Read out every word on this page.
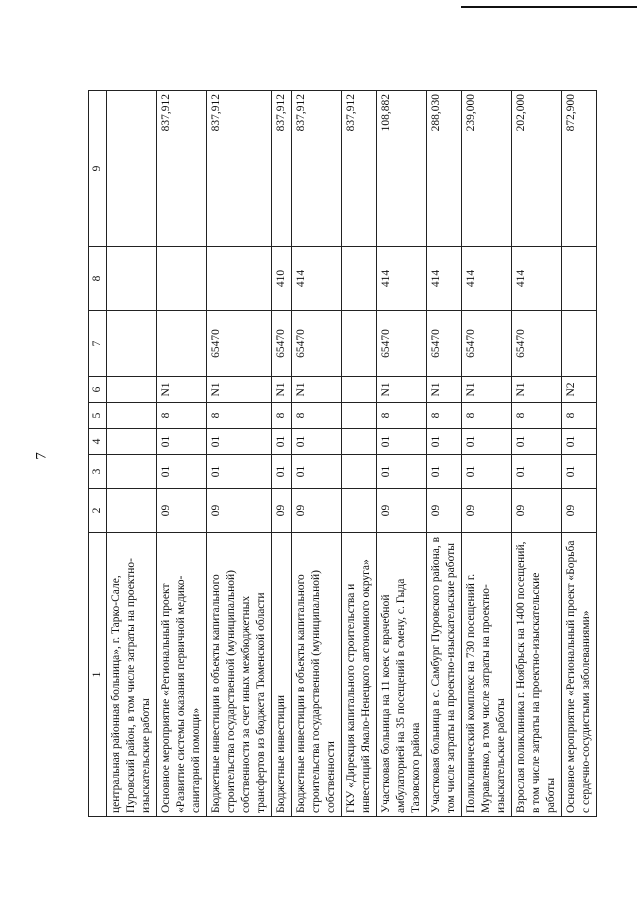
7
1	2	3	4	5	6	7	8	9
центральная районная больница», г. Тарко-Сале, Пуровский район, в том числе затраты на проектно-изыскательские работы								
Основное мероприятие «Региональный проект «Развитие системы оказания первичной медико-санитарной помощи»	09	01	01	8	N1			837,912
Бюджетные инвестиции в объекты капитального строительства государственной (муниципальной) собственности за счет иных межбюджетных трансфертов из бюджета Тюменской области	09	01	01	8	N1	65470		837,912
Бюджетные инвестиции	09	01	01	8	N1	65470	410	837,912
Бюджетные инвестиции в объекты капитального строительства государственной (муниципальной) собственности	09	01	01	8	N1	65470	414	837,912
ГКУ «Дирекция капитального строительства и инвестиций Ямало-Ненецкого автономного округа»								837,912
Участковая больница на 11 коек с врачебной амбулаторией на 35 посещений в смену, с. Гыда Тазовского района	09	01	01	8	N1	65470	414	108,882
Участковая больница в с. Самбург Пуровского района, в том числе затраты на проектно-изыскательские работы	09	01	01	8	N1	65470	414	288,030
Поликлинический комплекс на 730 посещений г. Муравленко, в том числе затраты на проектно-изыскательские работы	09	01	01	8	N1	65470	414	239,000
Взрослая поликлиника г. Ноябрьск на 1400 посещений, в том числе затраты на проектно-изыскательские работы	09	01	01	8	N1	65470	414	202,000
Основное мероприятие «Региональный проект «Борьба с сердечно-сосудистыми заболеваниями»	09	01	01	8	N2			872,900
